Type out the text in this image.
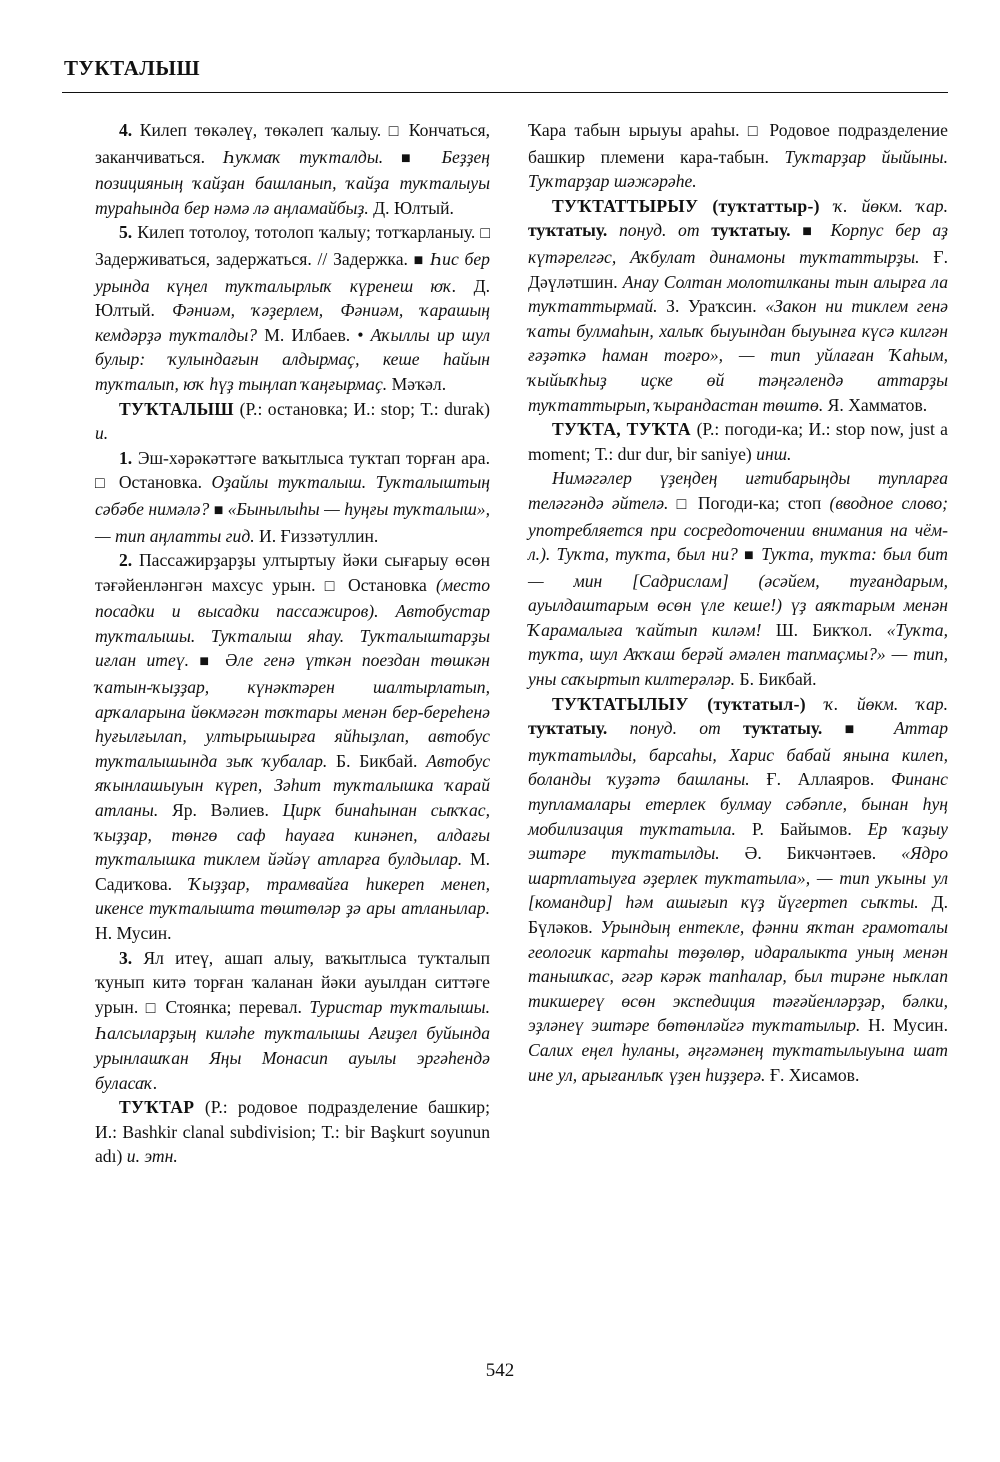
ТУКТАЛЫШ

4. Килеп төкәлеү, төкәлеп ҡалыу. □ Кончаться, заканчиваться. Һуҡмаҡ туҡталды. ■ Беҙҙең позицияның ҡайҙан башланып, ҡайҙа туҡталыуы тураһында бер нәмә лә аңламайбыҙ. Д. Юлтый.

5. Килеп тотолоу, тотолоп ҡалыу; тотҡарланыу. □ Задерживаться, задержаться. // Задержка. ■ Һис бер урында күңел туҡталырлыҡ күренеш юҡ. Д. Юлтый. Фәниәм, ҡәҙерлем, Фәниәм, ҡарашың кемдәрҙә туҡталды? М. Илбаев. • Аҡыллы ир шул булыр: ҡулындағын алдырмаҫ, кеше һайын туҡталып, юҡ һүҙ тыңлап ҡаңғырмаҫ. Мәҡәл.

ТУҠТАЛЫШ (Р.: остановка; И.: stop; Т.: durak) и.

1. Эш-хәрәкәттәге ваҡытлыса туҡтап торған ара. □ Остановка. Оҙайлы туҡталыш. Туҡталыштың сәбәбе нимәлә? ■ «Бынылыһы — һуңғы туҡталыш», — тип аңлатты гид. И. Ғиззәтуллин.

2. Пассажирҙарҙы ултыртыу йәки сығарыу өсөн тәғәйенләнгән махсус урын. □ Остановка (место посадки и высадки пассажиров). Автобустар туҡталышы. Туҡталыш яһау. Туҡталыштарҙы иғлан итеү. ■ Әле генә үткән поездан төшкән ҡатын-ҡыҙҙар, күнәктәрен шалтырлатып, арҡаларына йөкмәгән тоҡтары менән бер-береһенә һуғылғылап, ултырышырға яйһыҙлап, автобус туҡталышында зыҡ ҡубалар. Б. Бикбай. Автобус яҡынлашыуын күреп, Зәһит туҡталышка ҡарай атланы. Яр. Вәлиев. Цирк бинаһынан сыҡҡас, ҡыҙҙар, төнгө саф һауаға кинәнеп, алдағы туҡталышка тиклем йәйәү атларға булдылар. М. Садиҡова. Ҡыҙҙар, трамвайға һикереп менеп, икенсе туҡталышта төштөләр ҙә ары атланылар. Н. Мусин.

3. Ял итеү, ашап алыу, ваҡытлыса туҡталып ҡунып китә торған ҡаланан йәки ауылдан ситтәге урын. □ Стоянка; перевал. Туристар туҡталышы. Һалсыларҙың киләһе туҡталышы Ағиҙел буйында урынлашҡан Яңы Монасип ауылы эргәһендә буласаҡ.

ТУҠТАР (Р.: родовое подразделение башкир; И.: Bashkir clanal subdivision; Т.: bir Başkurt soyunun adı) и. этн.

Ҡара табын ырыуы араһы. □ Родовое подразделение башкир племени кара-табын. Туҡтарҙар йыйыны. Туҡтарҙар шәжәрәһе.

ТУҠТАТТЫРЫУ (туҡтаттыр-) ҡ. йөкм. ҡар. туҡтатыу. понуд. от туҡтатыу. ■ Корпус бер аҙ күтәрелгәс, Аҡбулат динамоны туҡтаттырҙы. Ғ. Дәүләтшин. Анау Солтан молотилканы тын алырға ла туҡтаттырмай. З. Ураҡсин. «Закон ни тиклем генә ҡаты булмаһын, халыҡ быуындан быуынға күсә килгән ғәҙәткә һаман тоғро», — тип уйлаған Ҡаһым, ҡыйыҡһыҙ иҫке өй тәңгәлендә аттарҙы туҡтаттырып, ҡырандастан төштө. Я. Хамматов.

ТУҠТА, ТУҠТА (Р.: погоди-ка; И.: stop now, just a moment; Т.: dur dur, bir saniye) инш.

Нимәгәлер үҙеңдең иғтибарыңды тупларға теләгәндә әйтелә. □ Погоди-ка; стоп (вводное слово; употребляется при сосредоточении внимания на чём-л.). Туҡта, туҡта, был ни? ■ Туҡта, туҡта: был бит — мин [Садрислам] (әсәйем, туғандарым, ауылдаштарым өсөн үле кеше!) үҙ аяҡтарым менән Ҡарамалыға ҡайтып киләм! Ш. Бикҡол. «Туҡта, туҡта, шул Аҡҡаш берәй әмәлен тапмаҫмы?» — тип, уны саҡыртып килтерәләр. Б. Бикбай.

ТУҠТАТЫЛЫУ (туҡтатыл-) ҡ. йөкм. ҡар. туҡтатыу. понуд. от туҡтатыу. ■ Аттар туҡтатылды, барсаһы, Харис бабай янына килеп, боланды ҡуҙәтә башланы. Ғ. Аллаяров. Финанс тупламалары етерлек булмау сәбәпле, бынан һуң мобилизация туҡтатылa. Р. Байымов. Ер ҡаҙыу эштәре туҡтатылды. Ә. Бикчәнтәев. «Ядро шартлатыуға әҙерлек туҡтатыла», — тип уҡыны ул [командир] һәм ашығып күҙ йүгертеп сыҡты. Д. Бүләков. Урындың ентекле, фәнни яҡтан грамоталы геологик картаһы төҙөлөр, идаралыкта уның менән танышҡас, әгәр кәрәк тапһалар, был тирәне ныҡлап тикшереү өсөн экспедиция тәғәйенләрҙәр, бәлки, эҙләнеү эштәре бөтөнләйгә туҡтатылыр. Н. Мусин. Салих еңел һуланы, әңгәмәнең туҡтатылыуына шат ине ул, арығанлыҡ үҙен һиҙҙерә. Ғ. Хисамов.

542
